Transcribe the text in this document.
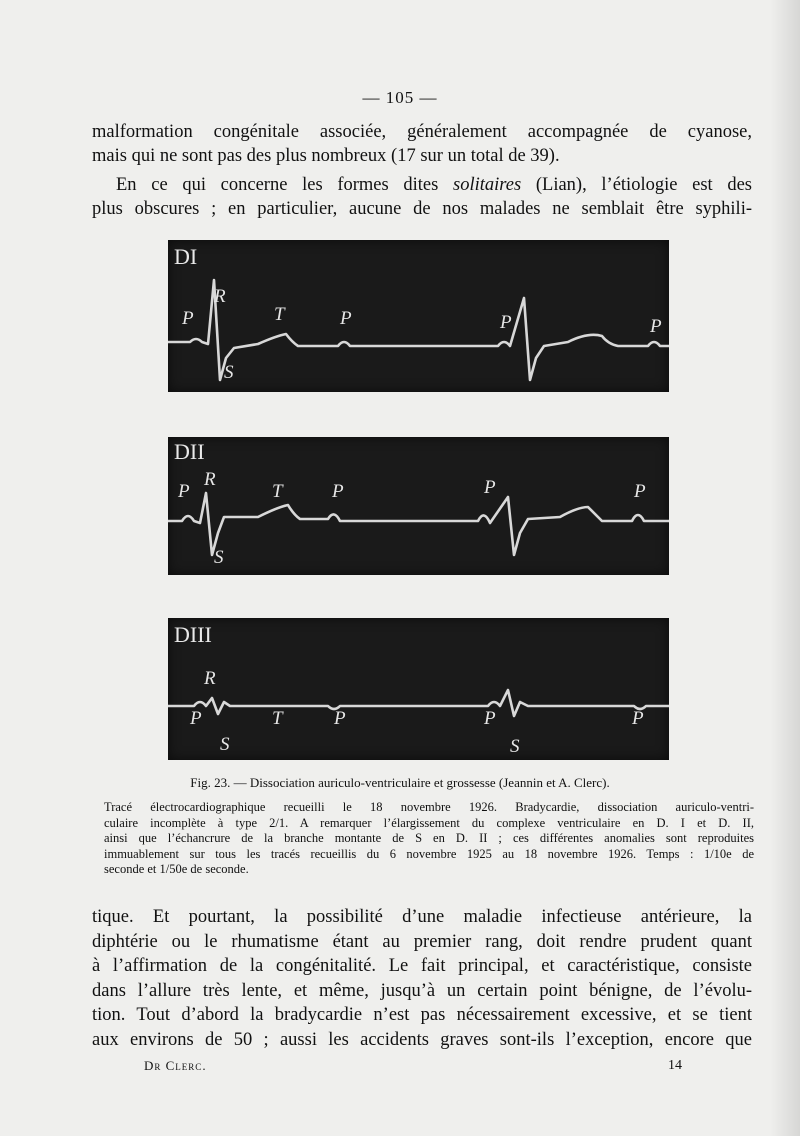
— 105 —

malformation congénitale associée, généralement accompagnée de cyanose,
mais qui ne sont pas des plus nombreux (17 sur un total de 39).

En ce qui concerne les formes dites solitaires (Lian), l’étiologie est des
plus obscures ; en particulier, aucune de nos malades ne semblait être syphili-

DI
P
R
T	P	P	P
S
DII
P
R
T	P	P	P
S
DIII
R
P	T	P	P	P
S	S
Fig. 23. — Dissociation auriculo-ventriculaire et grossesse (Jeannin et A. Clerc).

Tracé électrocardiographique recueilli le 18 novembre 1926. Bradycardie, dissociation auriculo-ventri-
culaire incomplète à type 2/1. A remarquer l’élargissement du complexe ventriculaire en D. I et D. II,
ainsi que l’échancrure de la branche montante de S en D. II ; ces différentes anomalies sont reproduites
immuablement sur tous les tracés recueillis du 6 novembre 1925 au 18 novembre 1926. Temps : 1/10e de
seconde et 1/50e de seconde.

tique. Et pourtant, la possibilité d’une maladie infectieuse antérieure, la
diphtérie ou le rhumatisme étant au premier rang, doit rendre prudent quant
à l’affirmation de la congénitalité. Le fait principal, et caractéristique, consiste
dans l’allure très lente, et même, jusqu’à un certain point bénigne, de l’évolu-
tion. Tout d’abord la bradycardie n’est pas nécessairement excessive, et se tient
aux environs de 50 ; aussi les accidents graves sont-ils l’exception, encore que

Dr Clerc.	14
